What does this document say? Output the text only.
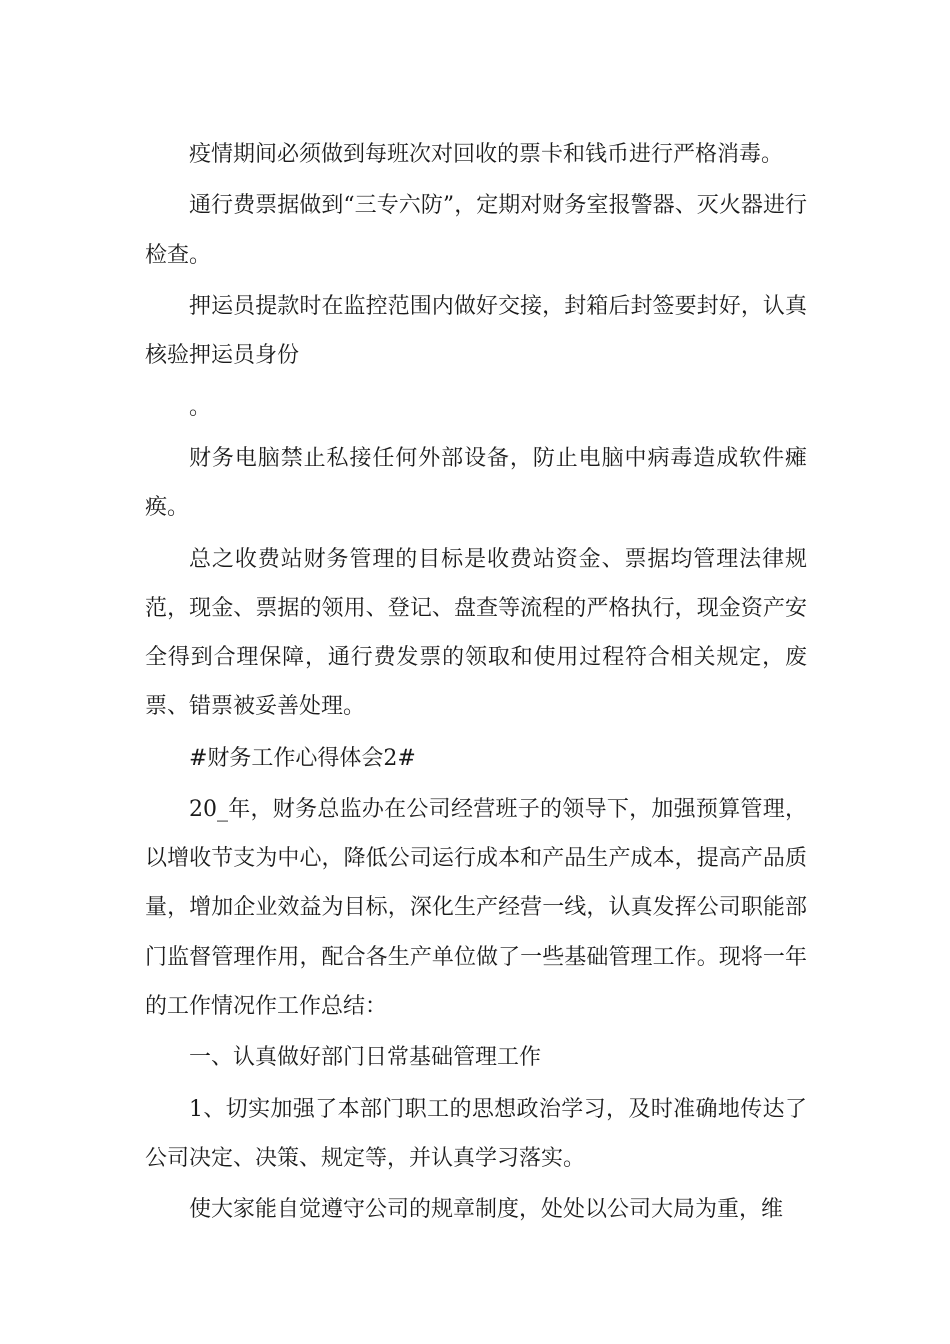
疫情期间必须做到每班次对回收的票卡和钱币进行严格消毒。

通行费票据做到“三专六防”，定期对财务室报警器、灭火器进行检查。

押运员提款时在监控范围内做好交接，封箱后封签要封好，认真核验押运员身份

。

财务电脑禁止私接任何外部设备，防止电脑中病毒造成软件瘫痪。

总之收费站财务管理的目标是收费站资金、票据均管理法律规范，现金、票据的领用、登记、盘查等流程的严格执行，现金资产安全得到合理保障，通行费发票的领取和使用过程符合相关规定，废票、错票被妥善处理。

#财务工作心得体会2#

20_年，财务总监办在公司经营班子的领导下，加强预算管理，以增收节支为中心，降低公司运行成本和产品生产成本，提高产品质量，增加企业效益为目标，深化生产经营一线，认真发挥公司职能部门监督管理作用，配合各生产单位做了一些基础管理工作。现将一年的工作情况作工作总结：

一、认真做好部门日常基础管理工作

1、切实加强了本部门职工的思想政治学习，及时准确地传达了公司决定、决策、规定等，并认真学习落实。

使大家能自觉遵守公司的规章制度，处处以公司大局为重，维
